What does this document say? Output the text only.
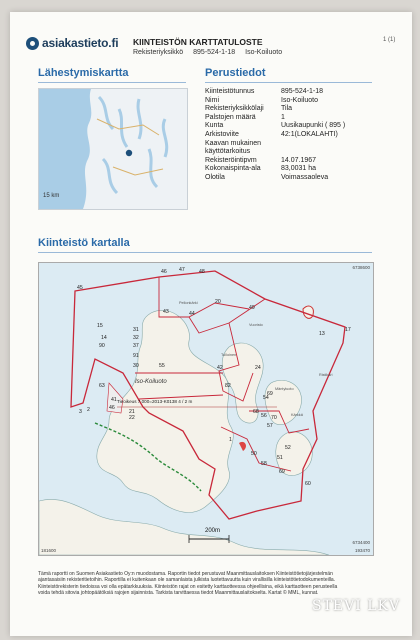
asiakastieto.fi KIINTEISTÖN KARTTATULOSTE
Rekisteriyksikkö 895-524-1-18 Iso-Koiluoto
1 (1)
Lähestymiskartta	Perustiedot
15 km
Kiinteistötunnus	895-524-1-18
Nimi	Iso-Koiluoto
Rekisteriyksikkölaji	Tila
Palstojen määrä	1
Kunta	Uusikaupunki ( 895 )
Arkistoviite	42:1(LOKALAHTI)
Kaavan mukainen
käyttötarkoitus
Rekisteröintipvm	14.07.1967
Kokonaispinta-ala	83,0031 ha
Olotila	Voimassaoleva
Kiinteistö kartalla
45
46 47	48
44
43
20
49
13
17
15
14
90
31
32
37
91
30	55	42
82
24
54
68
70
69
63
41
46
21
22	56
57
50
58
69
60
51
52
1
2
3
Iso-Koiluoto
Tieoikeus 7.000=2013-K0138 4 / 2 m
200m
6738600
6734400
181600	193470
Pellonkärki
Tulloinen
Mäntyluoto
Vuoristo
Kärkkä
Ristikari
Tämä raportti on Suomen Asiakastieto Oy:n muodostama. Raportin tiedot perustuvat Maanmittauslaitoksen Kiinteistötietojärjestelmän ajantasaisiin rekisteritietoihin. Raportilla ei kuitenkaan ole samanlaista julkista luotettavuutta kuin virallisilla kiinteistötietodokumenteilla. Kiinteistörekisterin tiedoissa voi olla epätarkkuuksia. Kiinteistön rajat on esitetty karttaotteessa ohjeellisina, eikä karttaotteen perusteella voida tehdä sitovia johtopäätöksiä rajojen sijainnista. Tarkista tarvittaessa tiedot Maanmittauslaitokselta. Kartat © MML, kunnat.
STEVI LKV
